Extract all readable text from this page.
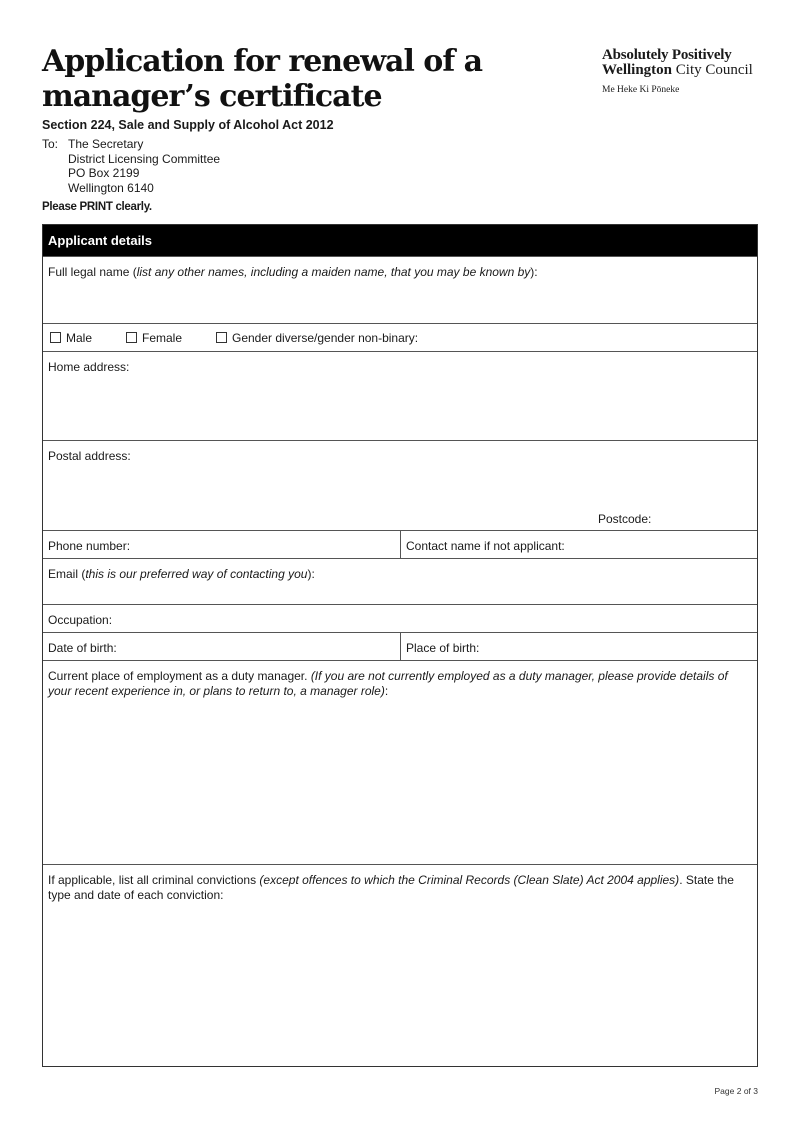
Application for renewal of a
manager’s certificate
Absolutely Positively
Wellington City Council
Me Heke Ki Pōneke
Section 224, Sale and Supply of Alcohol Act 2012
To: The Secretary
District Licensing Committee
PO Box 2199
Wellington 6140
Please PRINT clearly.
Applicant details
Full legal name (list any other names, including a maiden name, that you may be known by):
Male	Female	Gender diverse/gender non-binary:
Home address:
Postal address:
Postcode:
Phone number:	Contact name if not applicant:
Email (this is our preferred way of contacting you):
Occupation:
Date of birth:	Place of birth:
Current place of employment as a duty manager. (If you are not currently employed as a duty manager, please provide details of your recent experience in, or plans to return to, a manager role):
If applicable, list all criminal convictions (except offences to which the Criminal Records (Clean Slate) Act 2004 applies). State the type and date of each conviction:
Page 2 of 3
